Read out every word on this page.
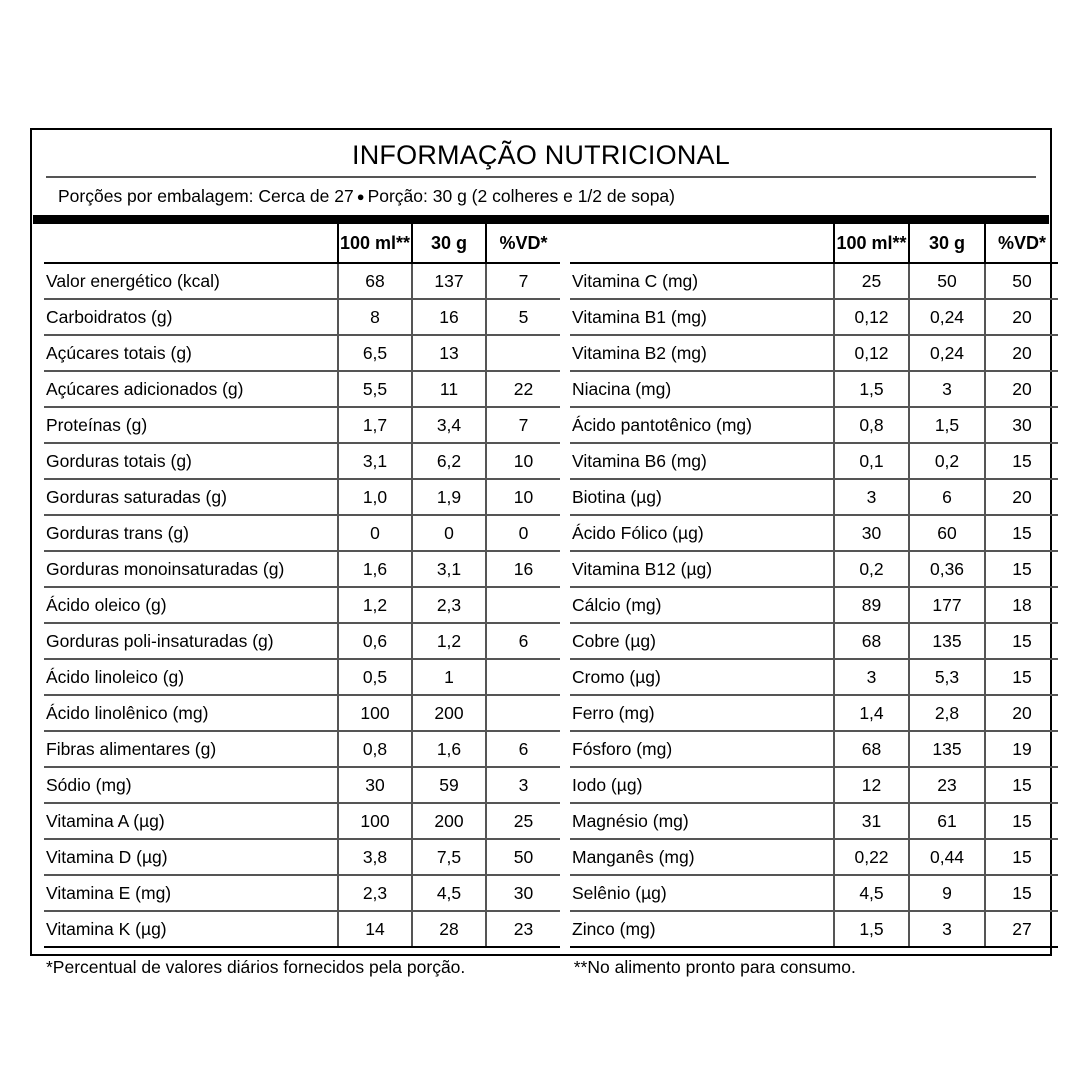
INFORMAÇÃO NUTRICIONAL
Porções por embalagem: Cerca de 27 ● Porção: 30 g (2 colheres e 1/2 de sopa)
	100 ml**	30 g	%VD*
Valor energético (kcal)	68	137	7
Carboidratos (g)	8	16	5
Açúcares totais (g)	6,5	13	
Açúcares adicionados (g)	5,5	11	22
Proteínas (g)	1,7	3,4	7
Gorduras totais (g)	3,1	6,2	10
Gorduras saturadas (g)	1,0	1,9	10
Gorduras trans (g)	0	0	0
Gorduras monoinsaturadas (g)	1,6	3,1	16
Ácido oleico (g)	1,2	2,3	
Gorduras poli-insaturadas (g)	0,6	1,2	6
Ácido linoleico (g)	0,5	1	
Ácido linolênico (mg)	100	200	
Fibras alimentares (g)	0,8	1,6	6
Sódio (mg)	30	59	3
Vitamina A (µg)	100	200	25
Vitamina D (µg)	3,8	7,5	50
Vitamina E (mg)	2,3	4,5	30
Vitamina K (µg)	14	28	23
	100 ml**	30 g	%VD*
Vitamina C (mg)	25	50	50
Vitamina B1 (mg)	0,12	0,24	20
Vitamina B2 (mg)	0,12	0,24	20
Niacina (mg)	1,5	3	20
Ácido pantotênico (mg)	0,8	1,5	30
Vitamina B6 (mg)	0,1	0,2	15
Biotina (µg)	3	6	20
Ácido Fólico (µg)	30	60	15
Vitamina B12 (µg)	0,2	0,36	15
Cálcio (mg)	89	177	18
Cobre (µg)	68	135	15
Cromo (µg)	3	5,3	15
Ferro (mg)	1,4	2,8	20
Fósforo (mg)	68	135	19
Iodo (µg)	12	23	15
Magnésio (mg)	31	61	15
Manganês (mg)	0,22	0,44	15
Selênio (µg)	4,5	9	15
Zinco (mg)	1,5	3	27
*Percentual de valores diários fornecidos pela porção.	**No alimento pronto para consumo.
